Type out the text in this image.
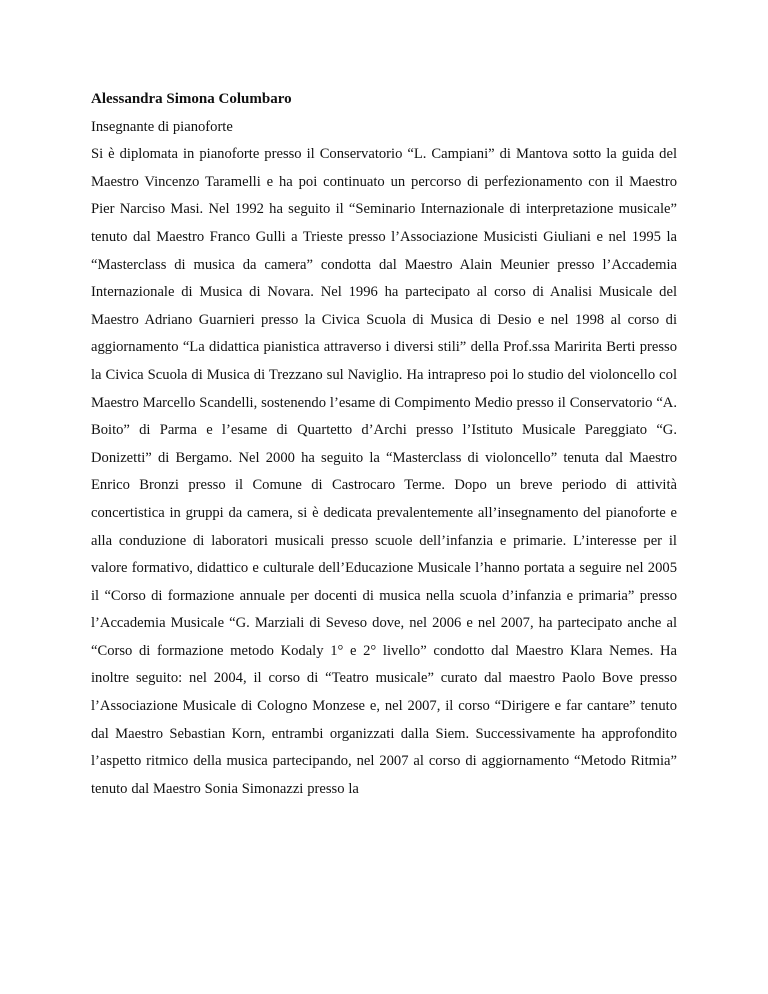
Alessandra Simona Columbaro

Insegnante di pianoforte

Si è diplomata in pianoforte presso il Conservatorio “L. Campiani” di Mantova sotto la guida del Maestro Vincenzo Taramelli e ha poi continuato un percorso di perfezionamento con il Maestro Pier Narciso Masi. Nel 1992 ha seguito il “Seminario Internazionale di interpretazione musicale” tenuto dal Maestro Franco Gulli a Trieste presso l’Associazione Musicisti Giuliani e nel 1995 la “Masterclass di musica da camera” condotta dal Maestro Alain Meunier presso l’Accademia Internazionale di Musica di Novara. Nel 1996 ha partecipato al corso di Analisi Musicale del Maestro Adriano Guarnieri presso la Civica Scuola di Musica di Desio e nel 1998 al corso di aggiornamento “La didattica pianistica attraverso i diversi stili” della Prof.ssa Maririta Berti presso la Civica Scuola di Musica di Trezzano sul Naviglio. Ha intrapreso poi lo studio del violoncello col Maestro Marcello Scandelli, sostenendo l’esame di Compimento Medio presso il Conservatorio “A. Boito” di Parma e l’esame di Quartetto d’Archi presso l’Istituto Musicale Pareggiato “G. Donizetti” di Bergamo. Nel 2000 ha seguito la “Masterclass di violoncello” tenuta dal Maestro Enrico Bronzi presso il Comune di Castrocaro Terme. Dopo un breve periodo di attività concertistica in gruppi da camera, si è dedicata prevalentemente all’insegnamento del pianoforte e alla conduzione di laboratori musicali presso scuole dell’infanzia e primarie. L’interesse per il valore formativo, didattico e culturale dell’Educazione Musicale l’hanno portata a seguire nel 2005 il “Corso di formazione annuale per docenti di musica nella scuola d’infanzia e primaria” presso l’Accademia Musicale “G. Marziali di Seveso dove, nel 2006 e nel 2007, ha partecipato anche al “Corso di formazione metodo Kodaly 1° e 2° livello” condotto dal Maestro Klara Nemes. Ha inoltre seguito: nel 2004, il corso di “Teatro musicale” curato dal maestro Paolo Bove presso l’Associazione Musicale di Cologno Monzese e, nel 2007, il corso “Dirigere e far cantare” tenuto dal Maestro Sebastian Korn, entrambi organizzati dalla Siem. Successivamente ha approfondito l’aspetto ritmico della musica partecipando, nel 2007 al corso di aggiornamento “Metodo Ritmia” tenuto dal Maestro Sonia Simonazzi presso la
